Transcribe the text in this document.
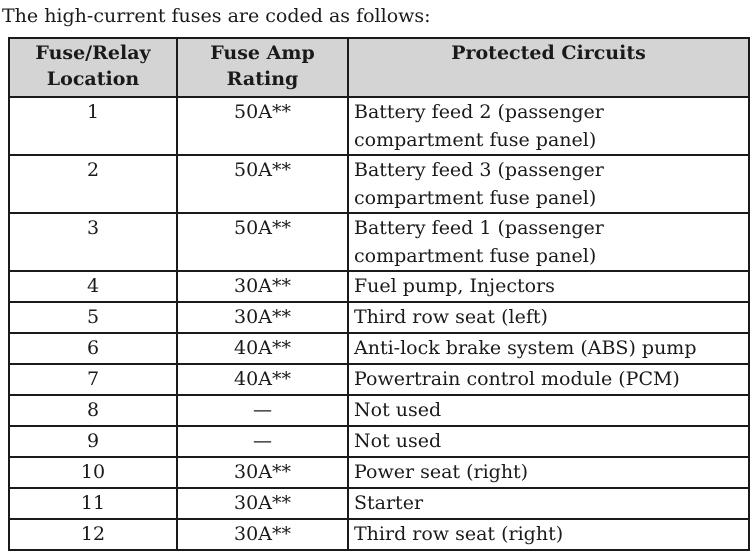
The high-current fuses are coded as follows:
Fuse/Relay Location	Fuse Amp Rating	Protected Circuits
1	50A**	Battery feed 2 (passenger compartment fuse panel)
2	50A**	Battery feed 3 (passenger compartment fuse panel)
3	50A**	Battery feed 1 (passenger compartment fuse panel)
4	30A**	Fuel pump, Injectors
5	30A**	Third row seat (left)
6	40A**	Anti-lock brake system (ABS) pump
7	40A**	Powertrain control module (PCM)
8	—	Not used
9	—	Not used
10	30A**	Power seat (right)
11	30A**	Starter
12	30A**	Third row seat (right)
